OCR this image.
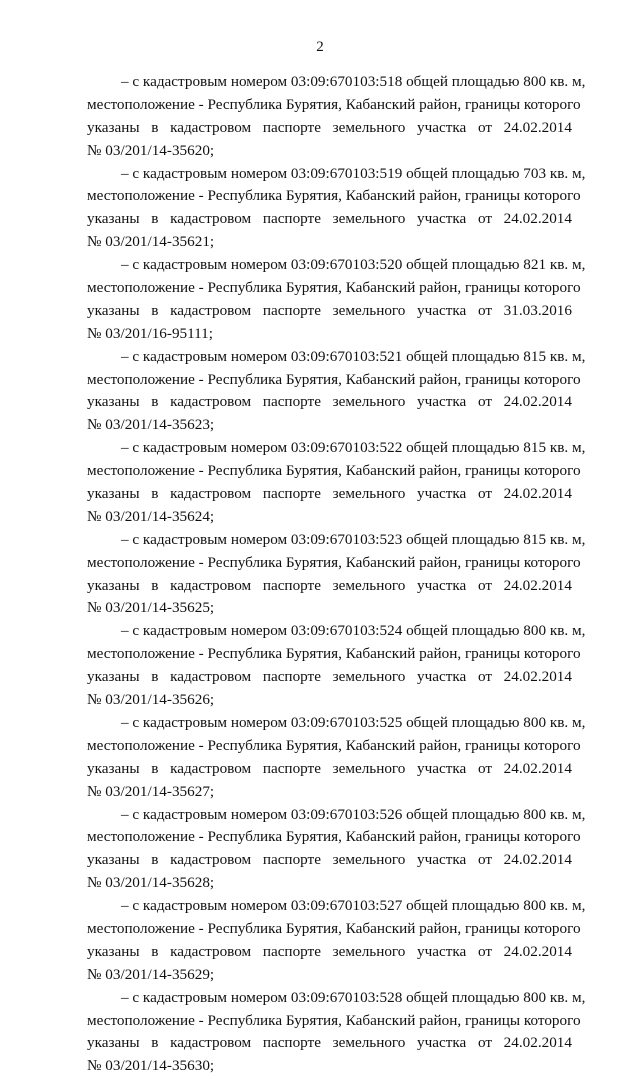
2
– с кадастровым номером 03:09:670103:518 общей площадью 800 кв. м,
местоположение - Республика Бурятия, Кабанский район, границы которого
указаны в кадастровом паспорте земельного участка от 24.02.2014
№ 03/201/14-35620;
– с кадастровым номером 03:09:670103:519 общей площадью 703 кв. м,
местоположение - Республика Бурятия, Кабанский район, границы которого
указаны в кадастровом паспорте земельного участка от 24.02.2014
№ 03/201/14-35621;
– с кадастровым номером 03:09:670103:520 общей площадью 821 кв. м,
местоположение - Республика Бурятия, Кабанский район, границы которого
указаны в кадастровом паспорте земельного участка от 31.03.2016
№ 03/201/16-95111;
– с кадастровым номером 03:09:670103:521 общей площадью 815 кв. м,
местоположение - Республика Бурятия, Кабанский район, границы которого
указаны в кадастровом паспорте земельного участка от 24.02.2014
№ 03/201/14-35623;
– с кадастровым номером 03:09:670103:522 общей площадью 815 кв. м,
местоположение - Республика Бурятия, Кабанский район, границы которого
указаны в кадастровом паспорте земельного участка от 24.02.2014
№ 03/201/14-35624;
– с кадастровым номером 03:09:670103:523 общей площадью 815 кв. м,
местоположение - Республика Бурятия, Кабанский район, границы которого
указаны в кадастровом паспорте земельного участка от 24.02.2014
№ 03/201/14-35625;
– с кадастровым номером 03:09:670103:524 общей площадью 800 кв. м,
местоположение - Республика Бурятия, Кабанский район, границы которого
указаны в кадастровом паспорте земельного участка от 24.02.2014
№ 03/201/14-35626;
– с кадастровым номером 03:09:670103:525 общей площадью 800 кв. м,
местоположение - Республика Бурятия, Кабанский район, границы которого
указаны в кадастровом паспорте земельного участка от 24.02.2014
№ 03/201/14-35627;
– с кадастровым номером 03:09:670103:526 общей площадью 800 кв. м,
местоположение - Республика Бурятия, Кабанский район, границы которого
указаны в кадастровом паспорте земельного участка от 24.02.2014
№ 03/201/14-35628;
– с кадастровым номером 03:09:670103:527 общей площадью 800 кв. м,
местоположение - Республика Бурятия, Кабанский район, границы которого
указаны в кадастровом паспорте земельного участка от 24.02.2014
№ 03/201/14-35629;
– с кадастровым номером 03:09:670103:528 общей площадью 800 кв. м,
местоположение - Республика Бурятия, Кабанский район, границы которого
указаны в кадастровом паспорте земельного участка от 24.02.2014
№ 03/201/14-35630;
